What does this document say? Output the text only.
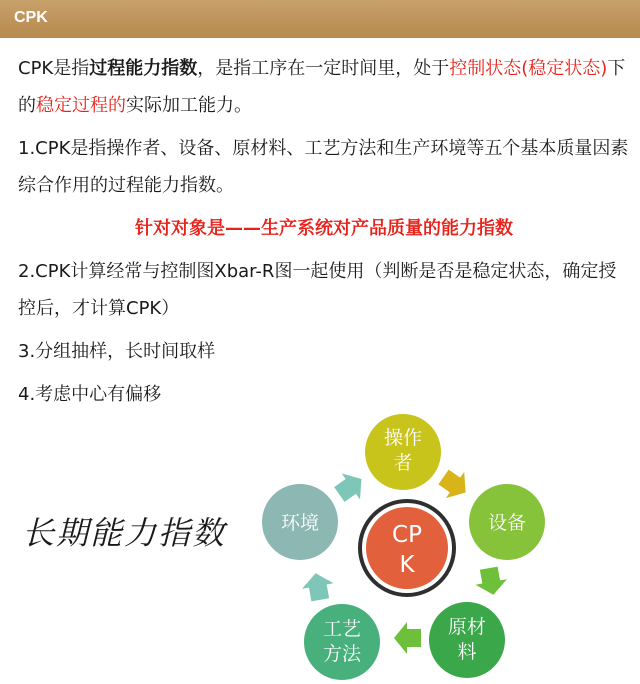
CPK

CPK是指过程能力指数，是指工序在一定时间里，处于控制状态(稳定状态)下的稳定过程的实际加工能力。

1.CPK是指操作者、设备、原材料、工艺方法和生产环境等五个基本质量因素综合作用的过程能力指数。

针对对象是——生产系统对产品质量的能力指数

2.CPK计算经常与控制图Xbar-R图一起使用（判断是否是稳定状态，确定授控后，才计算CPK）

3.分组抽样，长时间取样

4.考虑中心有偏移

长期能力指数
操作
者
设备
原材
料
工艺
方法
环境	CP
K
